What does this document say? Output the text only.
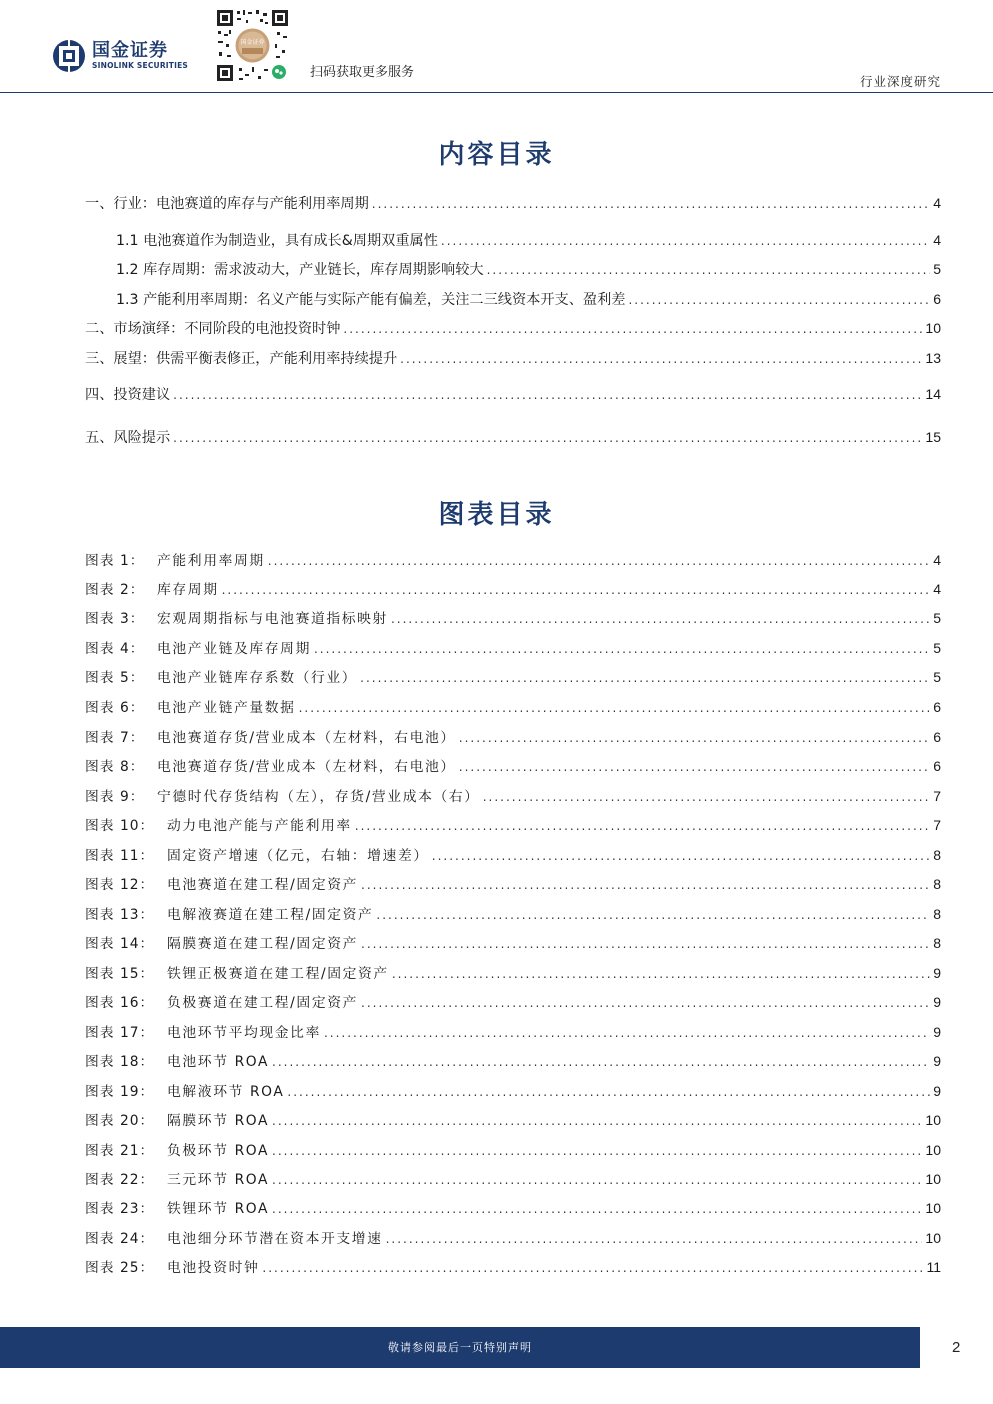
国金证券
SINOLINK SECURITIES
国金证券
扫码获取更多服务
行业深度研究
内容目录
一、行业：电池赛道的库存与产能利用率周期 .....	4
1.1 电池赛道作为制造业，具有成长&周期双重属性 .....	4
1.2 库存周期：需求波动大，产业链长，库存周期影响较大 .....	5
1.3 产能利用率周期：名义产能与实际产能有偏差，关注二三线资本开支、盈利差 .....	6
二、市场演绎：不同阶段的电池投资时钟 .....	10
三、展望：供需平衡表修正，产能利用率持续提升 .....	13
四、投资建议 .....	14
五、风险提示 .....	15
图表目录
图表 1： 产能利用率周期 .....	4
图表 2： 库存周期 .....	4
图表 3： 宏观周期指标与电池赛道指标映射 .....	5
图表 4： 电池产业链及库存周期 .....	5
图表 5： 电池产业链库存系数（行业） .....	5
图表 6： 电池产业链产量数据 .....	6
图表 7： 电池赛道存货/营业成本（左材料，右电池） .....	6
图表 8： 电池赛道存货/营业成本（左材料，右电池） .....	6
图表 9： 宁德时代存货结构（左），存货/营业成本（右） .....	7
图表 10： 动力电池产能与产能利用率 .....	7
图表 11： 固定资产增速（亿元，右轴：增速差） .....	8
图表 12： 电池赛道在建工程/固定资产 .....	8
图表 13： 电解液赛道在建工程/固定资产 .....	8
图表 14： 隔膜赛道在建工程/固定资产 .....	8
图表 15： 铁锂正极赛道在建工程/固定资产 .....	9
图表 16： 负极赛道在建工程/固定资产 .....	9
图表 17： 电池环节平均现金比率 .....	9
图表 18： 电池环节 ROA .....	9
图表 19： 电解液环节 ROA .....	9
图表 20： 隔膜环节 ROA .....	10
图表 21： 负极环节 ROA .....	10
图表 22： 三元环节 ROA .....	10
图表 23： 铁锂环节 ROA .....	10
图表 24： 电池细分环节潜在资本开支增速 .....	10
图表 25： 电池投资时钟 .....	11
敬请参阅最后一页特别声明	2
